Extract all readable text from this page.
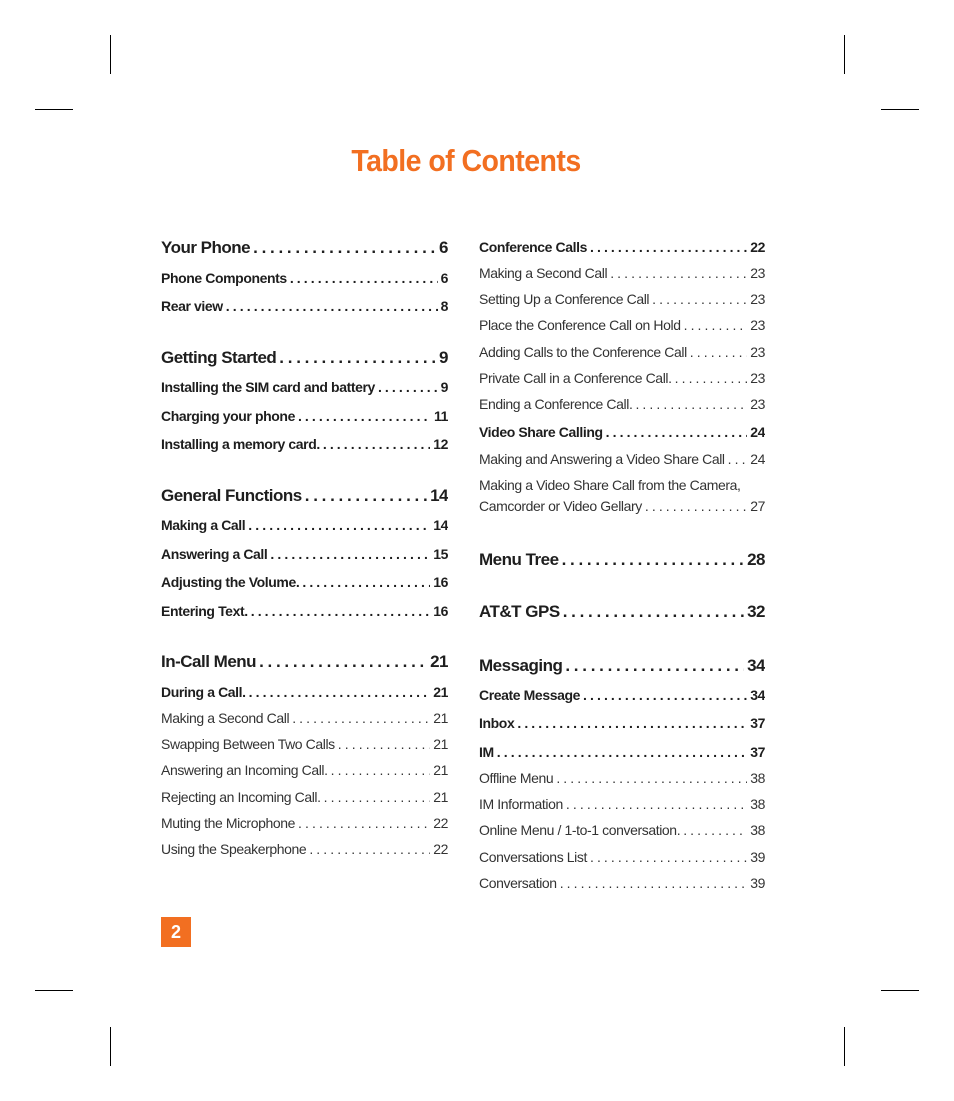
Table of Contents
Your Phone . . .	6
Phone Components . . .	6
Rear view . . .	8
Getting Started . . .	9
Installing the SIM card and battery . . .	9
Charging your phone . . .	11
Installing a memory card. . . .	12
General Functions . . .	14
Making a Call . . .	14
Answering a Call . . .	15
Adjusting the Volume. . . .	16
Entering Text. . . .	16
In-Call Menu . . .	21
During a Call. . . .	21
Making a Second Call . . .	21
Swapping Between Two Calls . . .	21
Answering an Incoming Call. . . .	21
Rejecting an Incoming Call. . . .	21
Muting the Microphone . . .	22
Using the Speakerphone . . .	22
Conference Calls . . .	22
Making a Second Call . . .	23
Setting Up a Conference Call . . .	23
Place the Conference Call on Hold . . .	23
Adding Calls to the Conference Call . . .	23
Private Call in a Conference Call. . . .	23
Ending a Conference Call. . . .	23
Video Share Calling . . .	24
Making and Answering a Video Share Call . . . 24
Making a Video Share Call from the Camera,
Camcorder or Video Gellary . . .	27
Menu Tree . . .	28
AT&T GPS . . .	32
Messaging . . .	34
Create Message . . .	34
Inbox . . .	37
IM . . .	37
Offline Menu . . .	38
IM Information . . .	38
Online Menu / 1-to-1 conversation. . . .	38
Conversations List . . .	39
Conversation . . .	39
2
